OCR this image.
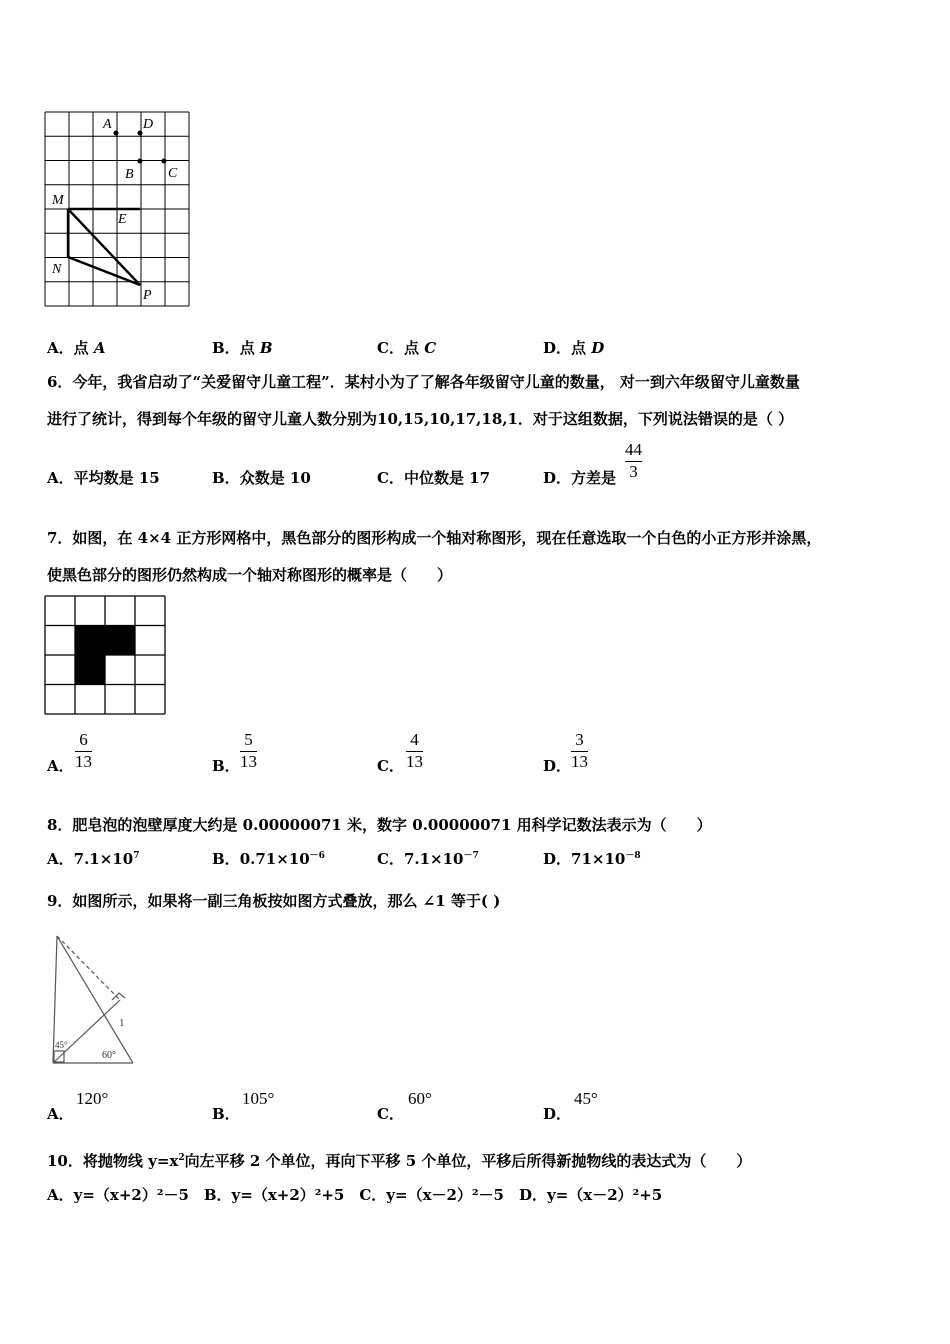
A D
B C
M
E
N
P
A．点 A	B．点 B	C．点 C	D．点 D
6．今年，我省启动了“关爱留守儿童工程”．某村小为了了解各年级留守儿童的数量， 对一到六年级留守儿童数量
进行了统计，得到每个年级的留守儿童人数分别为10,15,10,17,18,1．对于这组数据，下列说法错误的是（ ）
A．平均数是 15	B．众数是 10	C．中位数是 17	D．方差是
44
3
7．如图，在 4×4 正方形网格中，黑色部分的图形构成一个轴对称图形，现在任意选取一个白色的小正方形并涂黑，
使黑色部分的图形仍然构成一个轴对称图形的概率是（　　）
A．
6
13	B．
5
13	C．
4
13	D．
3
13
8．肥皂泡的泡壁厚度大约是 0.00000071 米，数字 0.00000071 用科学记数法表示为（　　）
A．$7.1\times 10^7$	B．$0.71\times 10^{-6}$	C．$7.1\times 10^{-7}$	D．$71\times 10^{-8}$
9．如图所示，如果将一副三角板按如图方式叠放，那么 ∠1 等于( )
45°
60°
1
A．
120°
B．
105°
C．
60°
D．
45°
10．将抛物线 $y=x^2$向左平移 2 个单位，再向下平移 5 个单位，平移后所得新抛物线的表达式为（　　）
A．y=（x+2）²－5　B．y=（x+2）²+5　C．y=（x－2）²－5　D．y=（x－2）²+5
